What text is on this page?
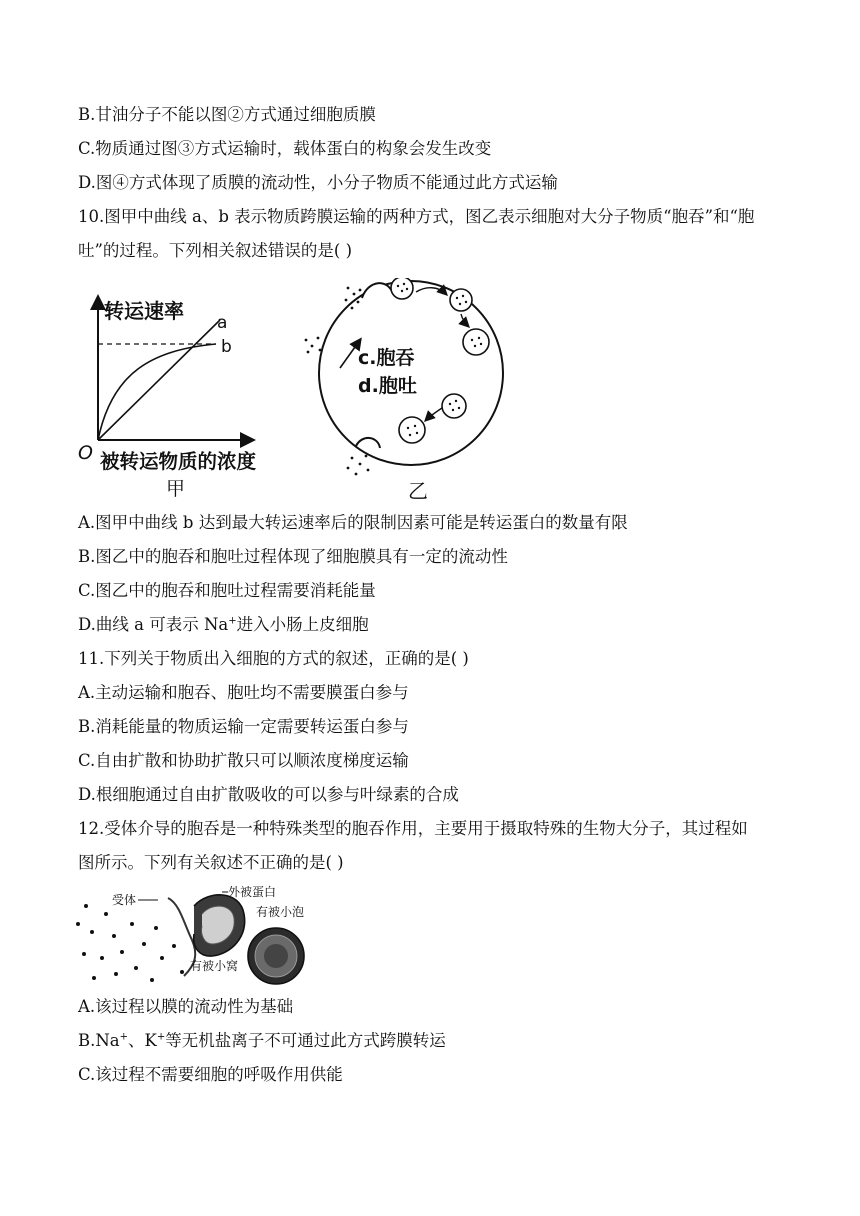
B.甘油分子不能以图②方式通过细胞质膜
C.物质通过图③方式运输时，载体蛋白的构象会发生改变
D.图④方式体现了质膜的流动性，小分子物质不能通过此方式运输
10.图甲中曲线 a、b 表示物质跨膜运输的两种方式，图乙表示细胞对大分子物质“胞吞”和“胞
吐”的过程。下列相关叙述错误的是( )
转运速率 a
b
O 被转运物质的浓度
甲
c.胞吞
d.胞吐
乙
A.图甲中曲线 b 达到最大转运速率后的限制因素可能是转运蛋白的数量有限
B.图乙中的胞吞和胞吐过程体现了细胞膜具有一定的流动性
C.图乙中的胞吞和胞吐过程需要消耗能量
D.曲线 a 可表示 Na+进入小肠上皮细胞
11.下列关于物质出入细胞的方式的叙述，正确的是( )
A.主动运输和胞吞、胞吐均不需要膜蛋白参与
B.消耗能量的物质运输一定需要转运蛋白参与
C.自由扩散和协助扩散只可以顺浓度梯度运输
D.根细胞通过自由扩散吸收的可以参与叶绿素的合成
12.受体介导的胞吞是一种特殊类型的胞吞作用，主要用于摄取特殊的生物大分子，其过程如
图所示。下列有关叙述不正确的是( )
受体
外被蛋白
有被小泡
有被小窝
A.该过程以膜的流动性为基础
B.Na+、K+等无机盐离子不可通过此方式跨膜转运
C.该过程不需要细胞的呼吸作用供能
